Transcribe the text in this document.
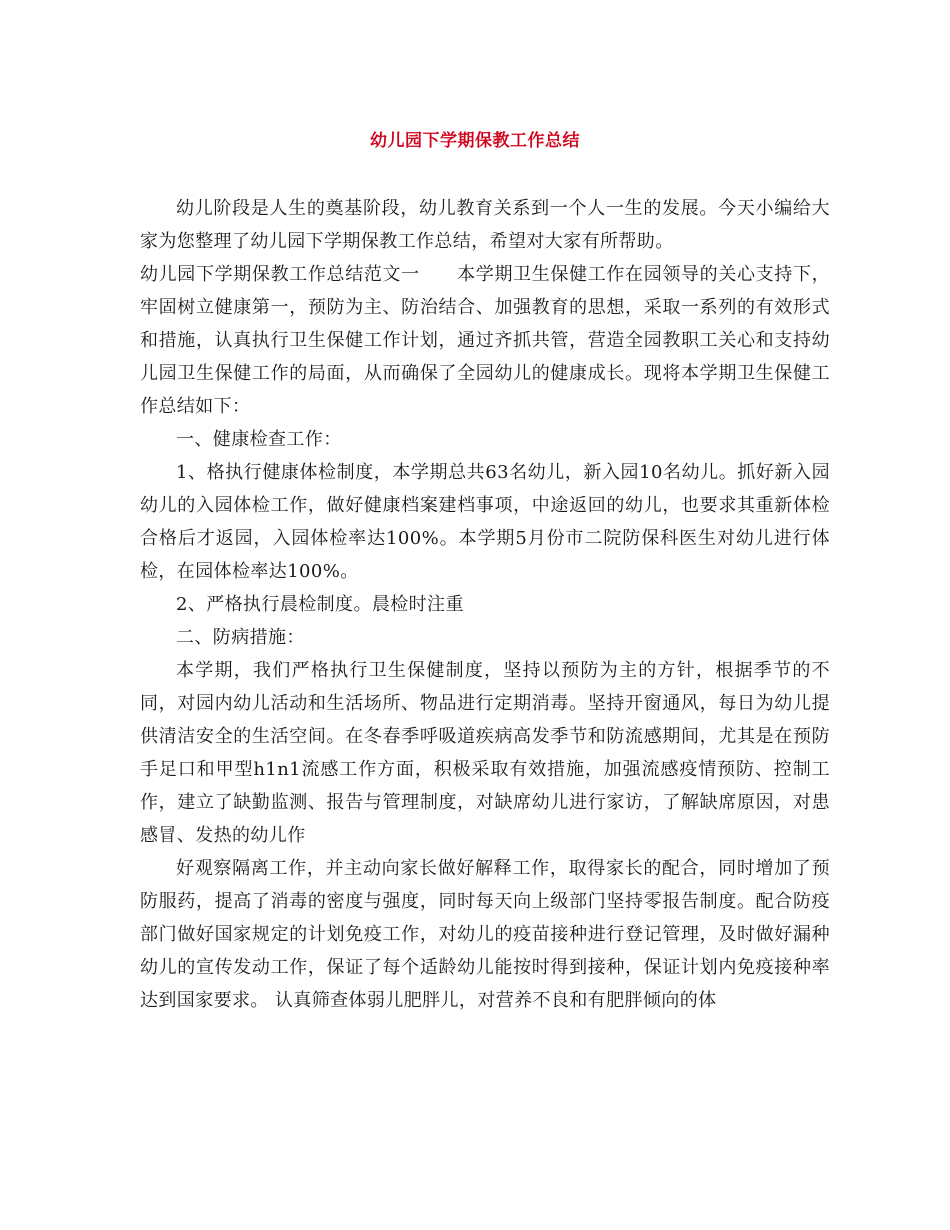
幼儿园下学期保教工作总结

幼儿阶段是人生的奠基阶段，幼儿教育关系到一个人一生的发展。今天小编给大家为您整理了幼儿园下学期保教工作总结，希望对大家有所帮助。

幼儿园下学期保教工作总结范文一　　本学期卫生保健工作在园领导的关心支持下，牢固树立健康第一，预防为主、防治结合、加强教育的思想，采取一系列的有效形式和措施，认真执行卫生保健工作计划，通过齐抓共管，营造全园教职工关心和支持幼儿园卫生保健工作的局面，从而确保了全园幼儿的健康成长。现将本学期卫生保健工作总结如下：

一、健康检查工作：

1、格执行健康体检制度，本学期总共63名幼儿，新入园10名幼儿。抓好新入园幼儿的入园体检工作，做好健康档案建档事项，中途返回的幼儿，也要求其重新体检合格后才返园，入园体检率达100%。本学期5月份市二院防保科医生对幼儿进行体检，在园体检率达100%。

2、严格执行晨检制度。晨检时注重

二、防病措施：

本学期，我们严格执行卫生保健制度，坚持以预防为主的方针，根据季节的不同，对园内幼儿活动和生活场所、物品进行定期消毒。坚持开窗通风，每日为幼儿提供清洁安全的生活空间。在冬春季呼吸道疾病高发季节和防流感期间，尤其是在预防手足口和甲型h1n1流感工作方面，积极采取有效措施，加强流感疫情预防、控制工作，建立了缺勤监测、报告与管理制度，对缺席幼儿进行家访，了解缺席原因，对患感冒、发热的幼儿作

好观察隔离工作，并主动向家长做好解释工作，取得家长的配合，同时增加了预防服药，提高了消毒的密度与强度，同时每天向上级部门坚持零报告制度。配合防疫部门做好国家规定的计划免疫工作，对幼儿的疫苗接种进行登记管理，及时做好漏种幼儿的宣传发动工作，保证了每个适龄幼儿能按时得到接种，保证计划内免疫接种率达到国家要求。 认真筛查体弱儿肥胖儿，对营养不良和有肥胖倾向的体
